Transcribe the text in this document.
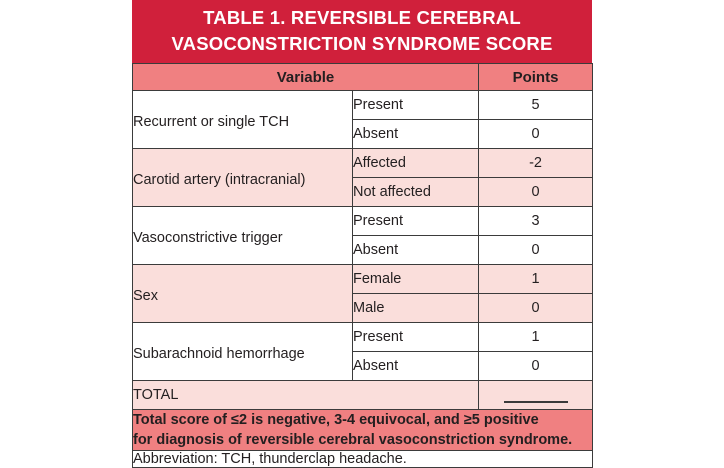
TABLE 1. REVERSIBLE CEREBRAL
VASOCONSTRICTION SYNDROME SCORE
Variable		Points

Recurrent or single TCH	Present	5
	Absent	0

Carotid artery (intracranial)	Affected	-2
	Not affected	0

Vasoconstrictive trigger	Present	3
	Absent	0

Sex	Female	1
	Male	0

Subarachnoid hemorrhage	Present	1
	Absent	0
TOTAL		

Total score of ≤2 is negative, 3-4 equivocal, and ≥5 positive
for diagnosis of reversible cerebral vasoconstriction syndrome.		

Abbreviation: TCH, thunderclap headache.		
